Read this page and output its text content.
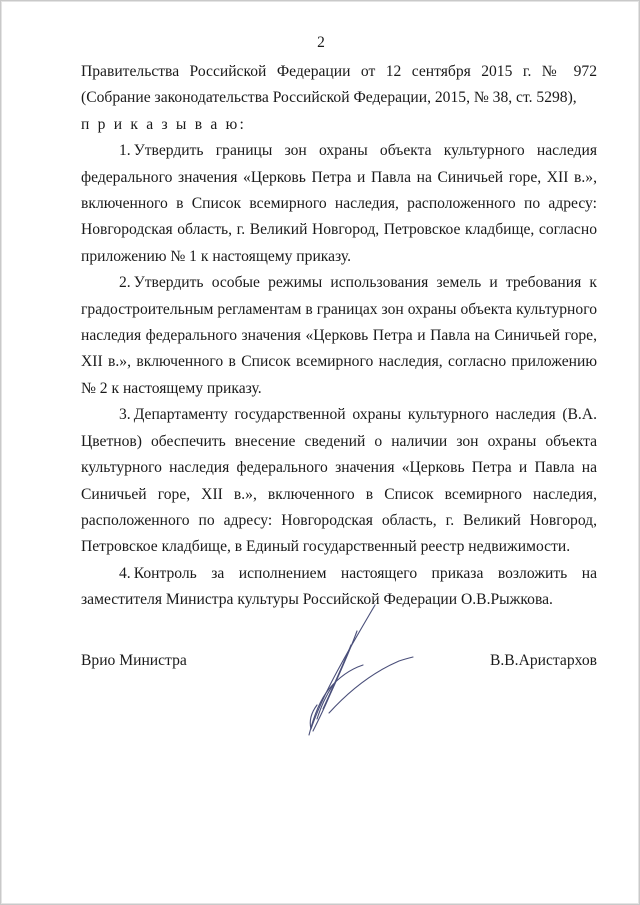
2

Правительства Российской Федерации от 12 сентября 2015 г. № 972 (Собрание законодательства Российской Федерации, 2015, № 38, ст. 5298),

п р и к а з ы в а ю:

1. Утвердить границы зон охраны объекта культурного наследия федерального значения «Церковь Петра и Павла на Синичьей горе, XII в.», включенного в Список всемирного наследия, расположенного по адресу: Новгородская область, г. Великий Новгород, Петровское кладбище, согласно приложению № 1 к настоящему приказу.

2. Утвердить особые режимы использования земель и требования к градостроительным регламентам в границах зон охраны объекта культурного наследия федерального значения «Церковь Петра и Павла на Синичьей горе, XII в.», включенного в Список всемирного наследия, согласно приложению № 2 к настоящему приказу.

3. Департаменту государственной охраны культурного наследия (В.А. Цветнов) обеспечить внесение сведений о наличии зон охраны объекта культурного наследия федерального значения «Церковь Петра и Павла на Синичьей горе, XII в.», включенного в Список всемирного наследия, расположенного по адресу: Новгородская область, г. Великий Новгород, Петровское кладбище, в Единый государственный реестр недвижимости.

4. Контроль за исполнением настоящего приказа возложить на заместителя Министра культуры Российской Федерации О.В.Рыжкова.

Врио Министра	В.В.Аристархов
